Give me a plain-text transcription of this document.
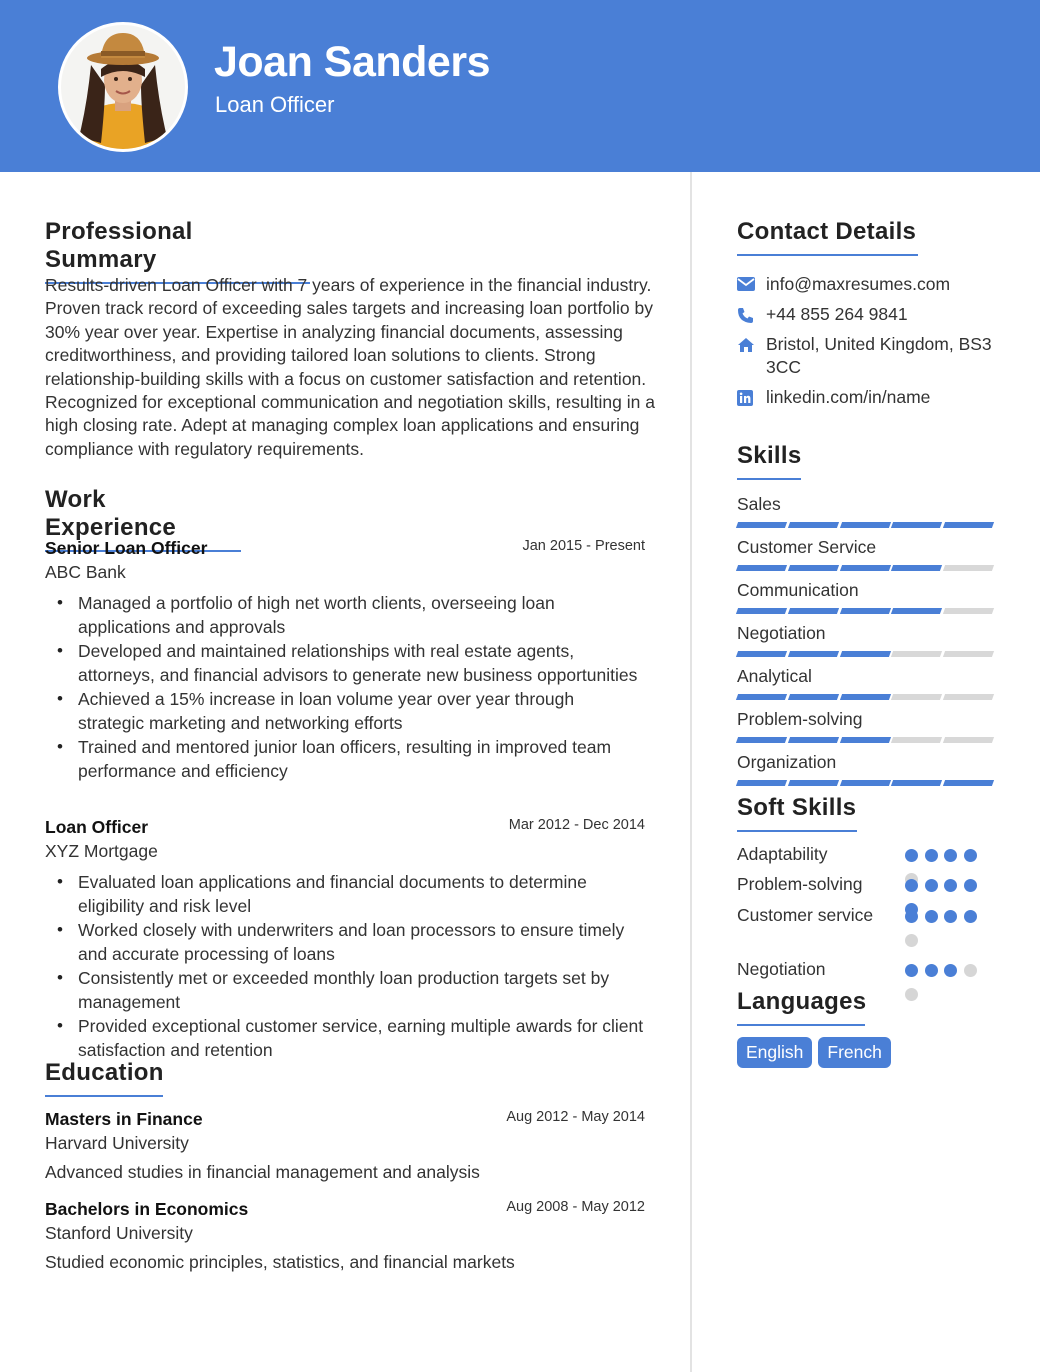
Joan Sanders
Loan Officer
Professional Summary
Results-driven Loan Officer with 7 years of experience in the financial industry. Proven track record of exceeding sales targets and increasing loan portfolio by 30% year over year. Expertise in analyzing financial documents, assessing creditworthiness, and providing tailored loan solutions to clients. Strong relationship-building skills with a focus on customer satisfaction and retention. Recognized for exceptional communication and negotiation skills, resulting in a high closing rate. Adept at managing complex loan applications and ensuring compliance with regulatory requirements.
Work Experience
Senior Loan Officer	Jan 2015 - Present
ABC Bank
• Managed a portfolio of high net worth clients, overseeing loan applications and approvals
• Developed and maintained relationships with real estate agents, attorneys, and financial advisors to generate new business opportunities
• Achieved a 15% increase in loan volume year over year through strategic marketing and networking efforts
• Trained and mentored junior loan officers, resulting in improved team performance and efficiency
Loan Officer	Mar 2012 - Dec 2014
XYZ Mortgage
• Evaluated loan applications and financial documents to determine eligibility and risk level
• Worked closely with underwriters and loan processors to ensure timely and accurate processing of loans
• Consistently met or exceeded monthly loan production targets set by management
• Provided exceptional customer service, earning multiple awards for client satisfaction and retention
Education
Masters in Finance	Aug 2012 - May 2014
Harvard University
Advanced studies in financial management and analysis
Bachelors in Economics	Aug 2008 - May 2012
Stanford University
Studied economic principles, statistics, and financial markets
Contact Details
info@maxresumes.com
+44 855 264 9841
Bristol, United Kingdom, BS3 3CC
linkedin.com/in/name
Skills
Sales
Customer Service
Communication
Negotiation
Analytical
Problem-solving
Organization
Soft Skills
Adaptability
Problem-solving
Customer service
Negotiation
Languages
English	French
